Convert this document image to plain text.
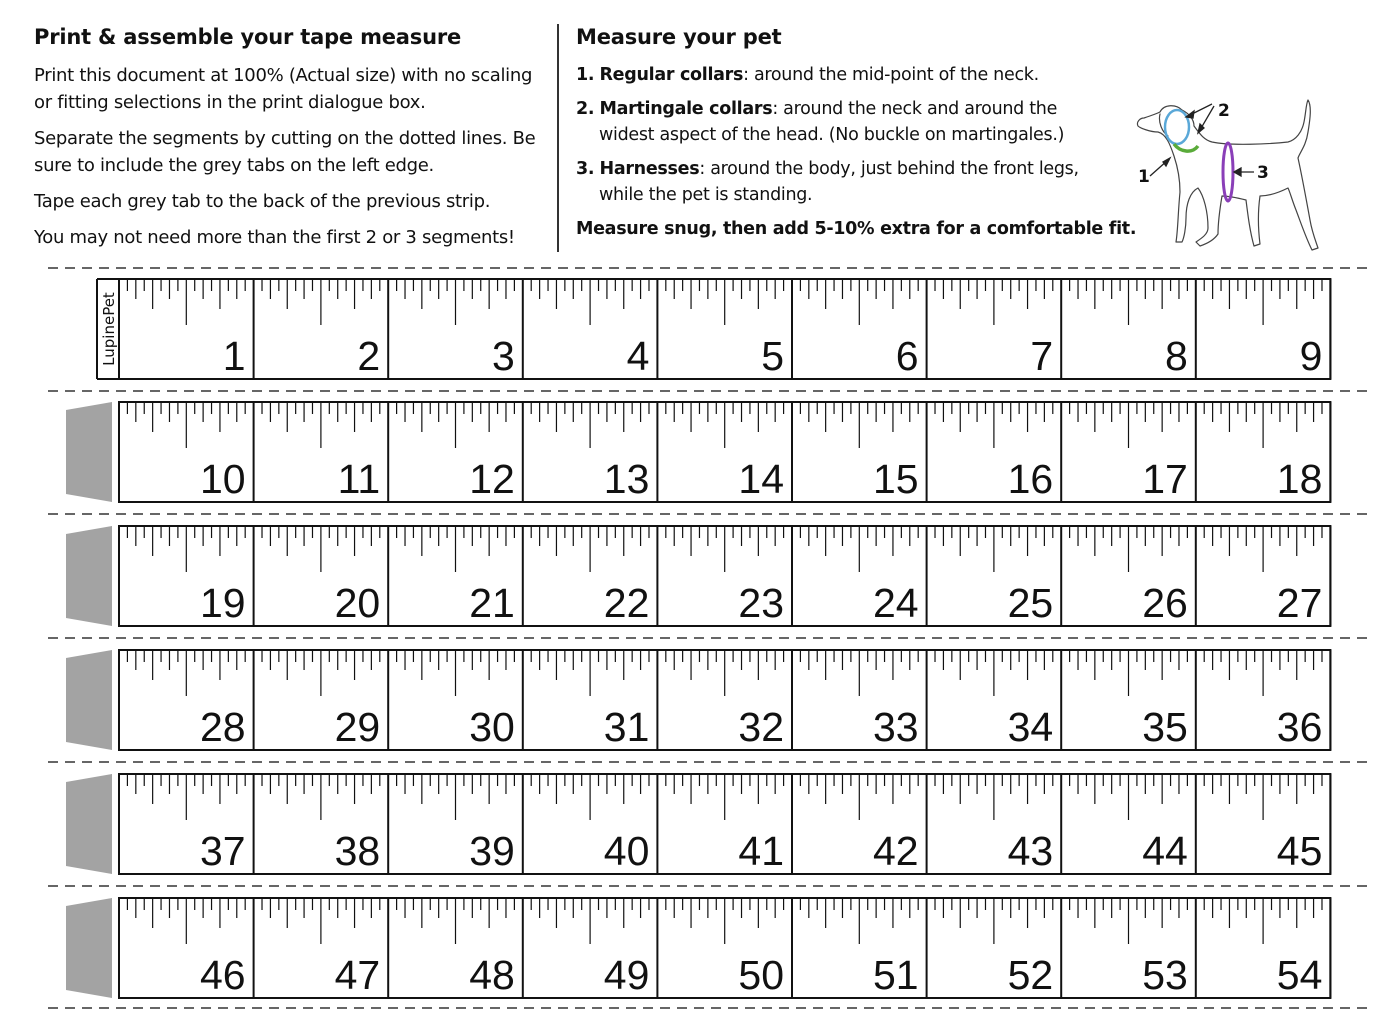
Print & assemble your tape measure

Print this document at 100% (Actual size) with no scaling or fitting selections in the print dialogue box.

Separate the segments by cutting on the dotted lines. Be sure to include the grey tabs on the left edge.

Tape each grey tab to the back of the previous strip.

You may not need more than the first 2 or 3 segments!

Measure your pet
1. Regular collars: around the mid-point of the neck.
2. Martingale collars: around the neck and around the
widest aspect of the head. (No buckle on martingales.)
3. Harnesses: around the body, just behind the front legs,
while the pet is standing.
Measure snug, then add 5-10% extra for a comfortable fit.
2
1	3
LupinePet	1	2	3	4	5	6	7	8	9
10 11 12 13 14 15 16 17 18
19 20 21 22 23 24 25 26 27
28 29 30 31 32 33 34 35 36
37 38 39 40 41 42 43 44 45
46 47 48 49 50 51 52 53 54
